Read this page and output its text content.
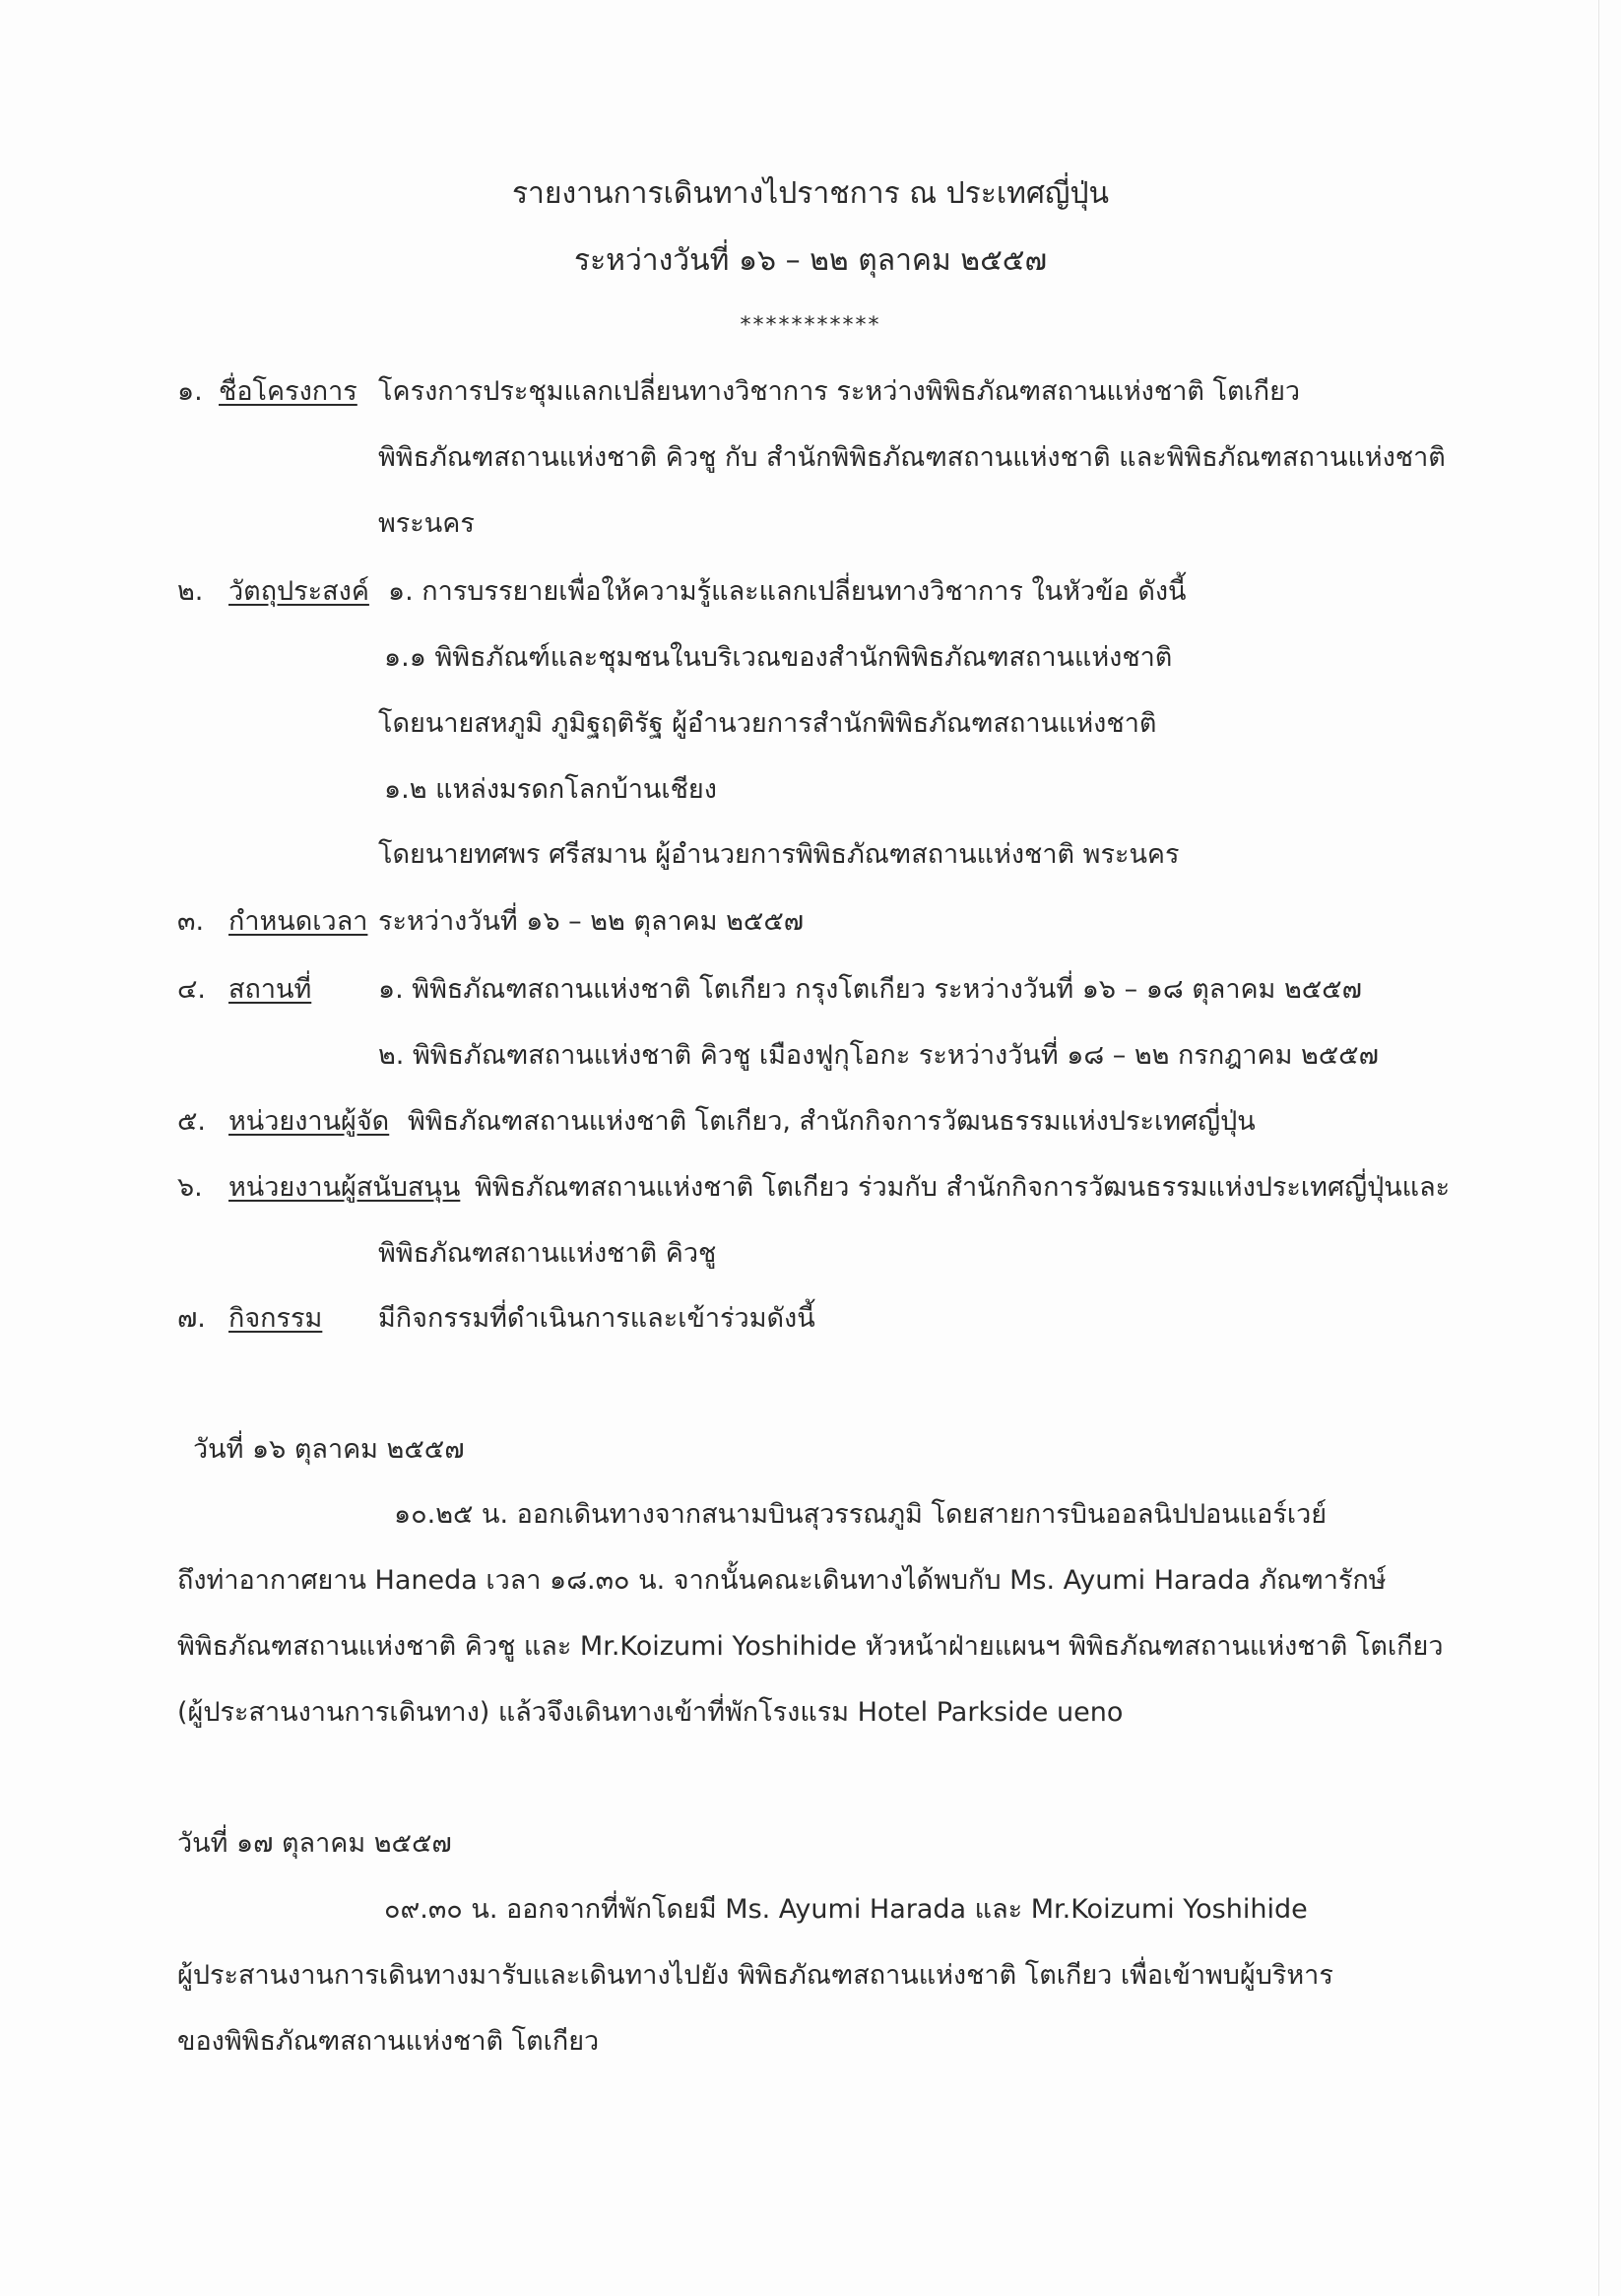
รายงานการเดินทางไปราชการ ณ ประเทศญี่ปุ่น
ระหว่างวันที่ ๑๖ – ๒๒ ตุลาคม ๒๕๕๗
***********
๑. ชื่อโครงการ โครงการประชุมแลกเปลี่ยนทางวิชาการ ระหว่างพิพิธภัณฑสถานแห่งชาติ โตเกียว
พิพิธภัณฑสถานแห่งชาติ คิวชู กับ สำนักพิพิธภัณฑสถานแห่งชาติ และพิพิธภัณฑสถานแห่งชาติ
พระนคร
๒. วัตถุประสงค์ ๑. การบรรยายเพื่อให้ความรู้และแลกเปลี่ยนทางวิชาการ ในหัวข้อ ดังนี้
๑.๑ พิพิธภัณฑ์และชุมชนในบริเวณของสำนักพิพิธภัณฑสถานแห่งชาติ
โดยนายสหภูมิ ภูมิฐฤติรัฐ ผู้อำนวยการสำนักพิพิธภัณฑสถานแห่งชาติ
๑.๒ แหล่งมรดกโลกบ้านเชียง
โดยนายทศพร ศรีสมาน ผู้อำนวยการพิพิธภัณฑสถานแห่งชาติ พระนคร
๓. กำหนดเวลา ระหว่างวันที่ ๑๖ – ๒๒ ตุลาคม ๒๕๕๗
๔. สถานที่	๑. พิพิธภัณฑสถานแห่งชาติ โตเกียว กรุงโตเกียว ระหว่างวันที่ ๑๖ – ๑๘ ตุลาคม ๒๕๕๗
๒. พิพิธภัณฑสถานแห่งชาติ คิวชู เมืองฟูกุโอกะ ระหว่างวันที่ ๑๘ – ๒๒ กรกฎาคม ๒๕๕๗
๕. หน่วยงานผู้จัด พิพิธภัณฑสถานแห่งชาติ โตเกียว, สำนักกิจการวัฒนธรรมแห่งประเทศญี่ปุ่น
๖. หน่วยงานผู้สนับสนุน พิพิธภัณฑสถานแห่งชาติ โตเกียว ร่วมกับ สำนักกิจการวัฒนธรรมแห่งประเทศญี่ปุ่นและ
พิพิธภัณฑสถานแห่งชาติ คิวชู
๗. กิจกรรม มีกิจกรรมที่ดำเนินการและเข้าร่วมดังนี้
วันที่ ๑๖ ตุลาคม ๒๕๕๗
๑๐.๒๕ น. ออกเดินทางจากสนามบินสุวรรณภูมิ โดยสายการบินออลนิปปอนแอร์เวย์
ถึงท่าอากาศยาน Haneda เวลา ๑๘.๓๐ น. จากนั้นคณะเดินทางได้พบกับ Ms. Ayumi Harada ภัณฑารักษ์
พิพิธภัณฑสถานแห่งชาติ คิวชู และ Mr.Koizumi Yoshihide หัวหน้าฝ่ายแผนฯ พิพิธภัณฑสถานแห่งชาติ โตเกียว
(ผู้ประสานงานการเดินทาง) แล้วจึงเดินทางเข้าที่พักโรงแรม Hotel Parkside ueno
วันที่ ๑๗ ตุลาคม ๒๕๕๗
๐๙.๓๐ น. ออกจากที่พักโดยมี Ms. Ayumi Harada และ Mr.Koizumi Yoshihide
ผู้ประสานงานการเดินทางมารับและเดินทางไปยัง พิพิธภัณฑสถานแห่งชาติ โตเกียว เพื่อเข้าพบผู้บริหาร
ของพิพิธภัณฑสถานแห่งชาติ โตเกียว
